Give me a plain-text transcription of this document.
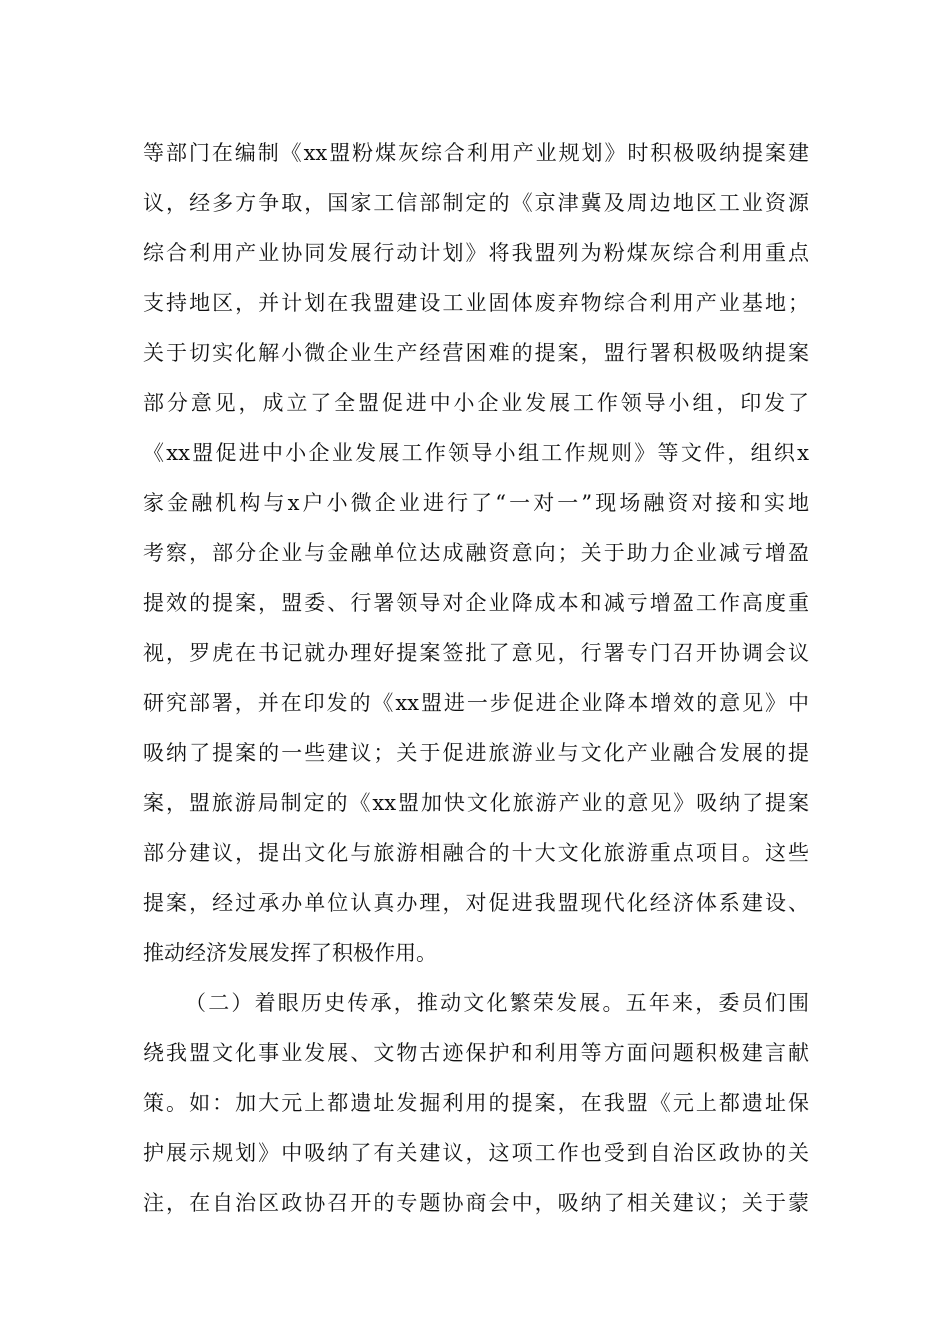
等部门在编制《xx盟粉煤灰综合利用产业规划》时积极吸纳提案建
议，经多方争取，国家工信部制定的《京津冀及周边地区工业资源
综合利用产业协同发展行动计划》将我盟列为粉煤灰综合利用重点
支持地区，并计划在我盟建设工业固体废弃物综合利用产业基地；
关于切实化解小微企业生产经营困难的提案，盟行署积极吸纳提案
部分意见，成立了全盟促进中小企业发展工作领导小组，印发了
《xx盟促进中小企业发展工作领导小组工作规则》等文件，组织x
家金融机构与x户小微企业进行了“一对一”现场融资对接和实地
考察，部分企业与金融单位达成融资意向；关于助力企业减亏增盈
提效的提案，盟委、行署领导对企业降成本和减亏增盈工作高度重
视，罗虎在书记就办理好提案签批了意见，行署专门召开协调会议
研究部署，并在印发的《xx盟进一步促进企业降本增效的意见》中
吸纳了提案的一些建议；关于促进旅游业与文化产业融合发展的提
案，盟旅游局制定的《xx盟加快文化旅游产业的意见》吸纳了提案
部分建议，提出文化与旅游相融合的十大文化旅游重点项目。这些
提案，经过承办单位认真办理，对促进我盟现代化经济体系建设、
推动经济发展发挥了积极作用。
（二）着眼历史传承，推动文化繁荣发展。五年来，委员们围
绕我盟文化事业发展、文物古迹保护和利用等方面问题积极建言献
策。如：加大元上都遗址发掘利用的提案，在我盟《元上都遗址保
护展示规划》中吸纳了有关建议，这项工作也受到自治区政协的关
注，在自治区政协召开的专题协商会中，吸纳了相关建议；关于蒙
